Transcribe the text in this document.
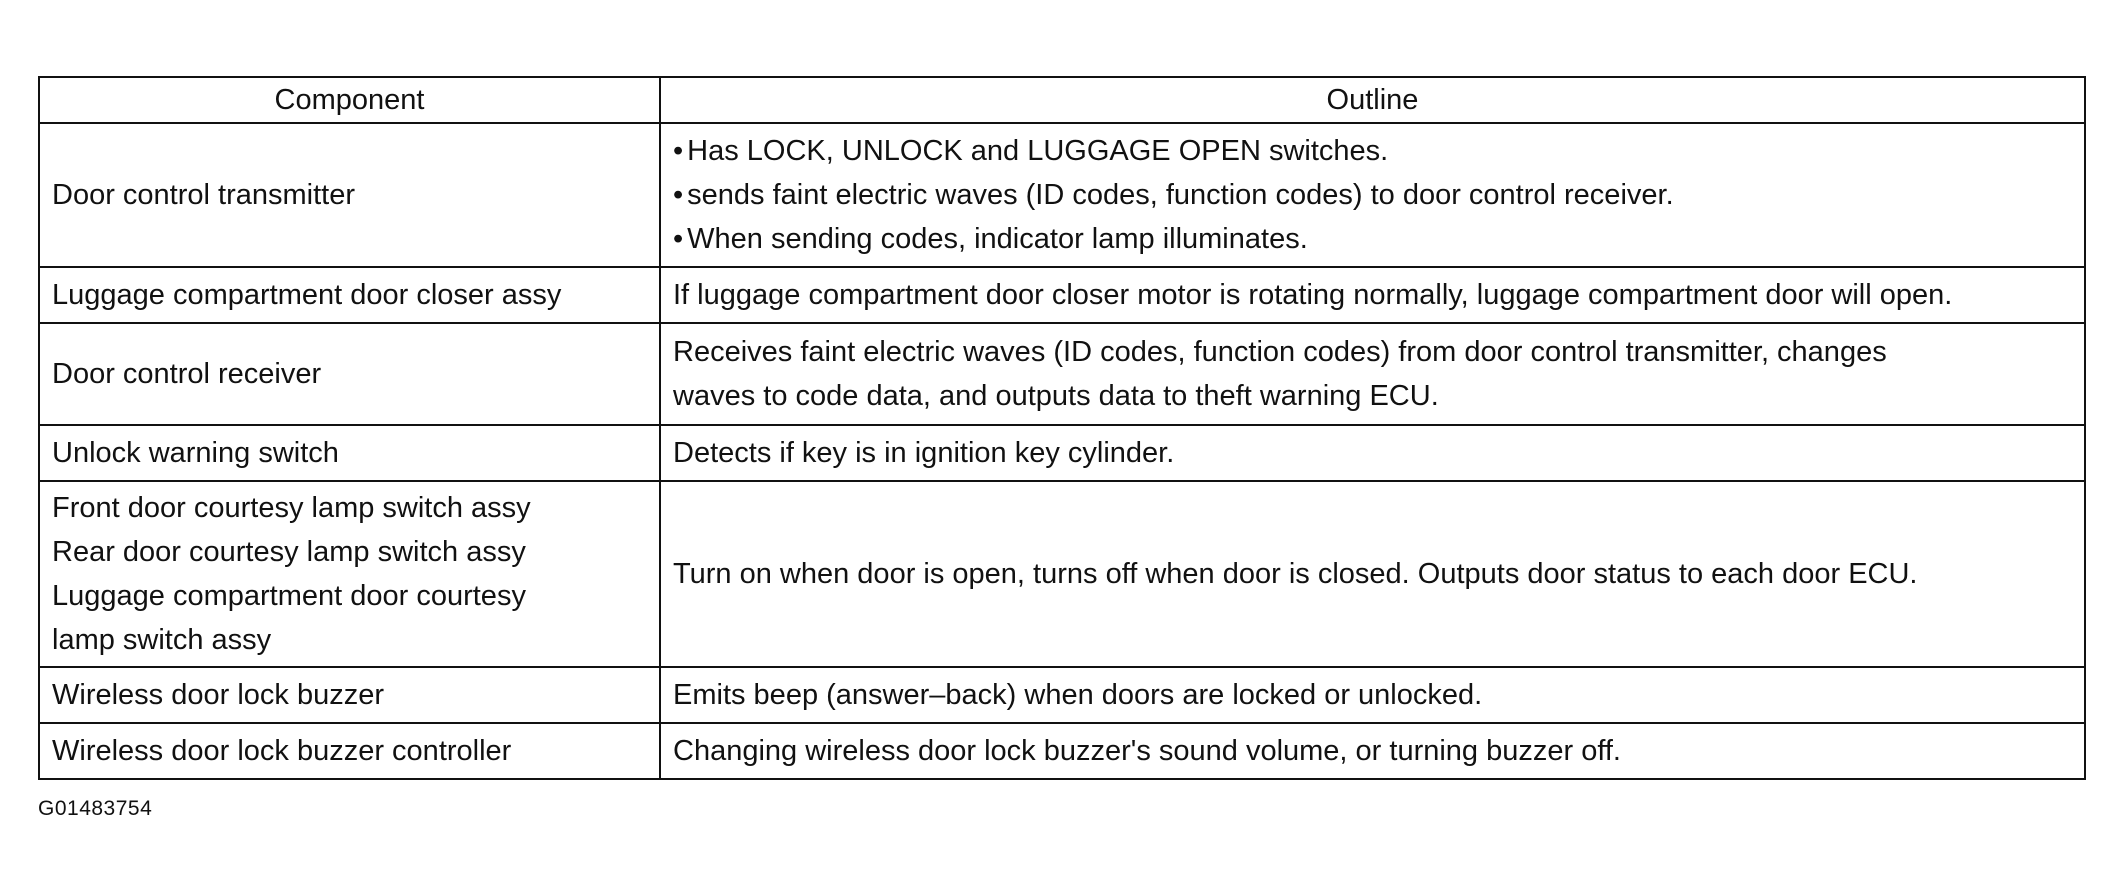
Component	Outline

Door control transmitter	• Has LOCK, UNLOCK and LUGGAGE OPEN switches.
• sends faint electric waves (ID codes, function codes) to door control receiver.
• When sending codes, indicator lamp illuminates.

Luggage compartment door closer assy	If luggage compartment door closer motor is rotating normally, luggage compartment door will open.

Door control receiver	Receives faint electric waves (ID codes, function codes) from door control transmitter, changes
waves to code data, and outputs data to theft warning ECU.

Unlock warning switch	Detects if key is in ignition key cylinder.

Front door courtesy lamp switch assy
Rear door courtesy lamp switch assy
Luggage compartment door courtesy
lamp switch assy	Turn on when door is open, turns off when door is closed. Outputs door status to each door ECU.

Wireless door lock buzzer	Emits beep (answer–back) when doors are locked or unlocked.

Wireless door lock buzzer controller	Changing wireless door lock buzzer's sound volume, or turning buzzer off.
G01483754
